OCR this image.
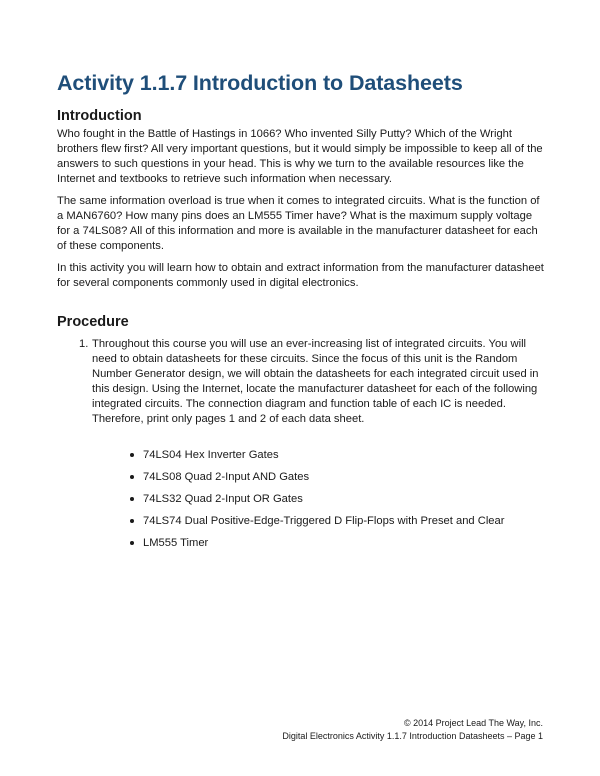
Activity 1.1.7 Introduction to Datasheets
Introduction

Who fought in the Battle of Hastings in 1066? Who invented Silly Putty? Which of the Wright brothers flew first? All very important questions, but it would simply be impossible to keep all of the answers to such questions in your head. This is why we turn to the available resources like the Internet and textbooks to retrieve such information when necessary.

The same information overload is true when it comes to integrated circuits. What is the function of a MAN6760? How many pins does an LM555 Timer have? What is the maximum supply voltage for a 74LS08? All of this information and more is available in the manufacturer datasheet for each of these components.

In this activity you will learn how to obtain and extract information from the manufacturer datasheet for several components commonly used in digital electronics.

Procedure
1. Throughout this course you will use an ever-increasing list of integrated circuits. You will need to obtain datasheets for these circuits. Since the focus of this unit is the Random Number Generator design, we will obtain the datasheets for each integrated circuit used in this design. Using the Internet, locate the manufacturer datasheet for each of the following integrated circuits. The connection diagram and function table of each IC is needed. Therefore, print only pages 1 and 2 of each data sheet.

74LS04 Hex Inverter Gates
74LS08 Quad 2-Input AND Gates
74LS32 Quad 2-Input OR Gates
74LS74 Dual Positive-Edge-Triggered D Flip-Flops with Preset and Clear
LM555 Timer
© 2014 Project Lead The Way, Inc.
Digital Electronics Activity 1.1.7 Introduction Datasheets – Page 1
